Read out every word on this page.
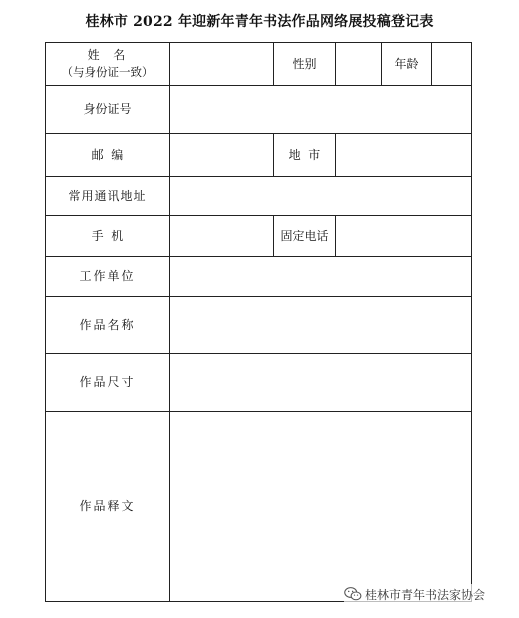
桂林市 2022 年迎新年青年书法作品网络展投稿登记表
姓  名
（与身份证一致）		性别		年龄	
身份证号					
邮  编		地  市			
常用通讯地址					
手  机		固定电话			
工作单位					
作品名称					
作品尺寸					
作品释文					
桂林市青年书法家协会
